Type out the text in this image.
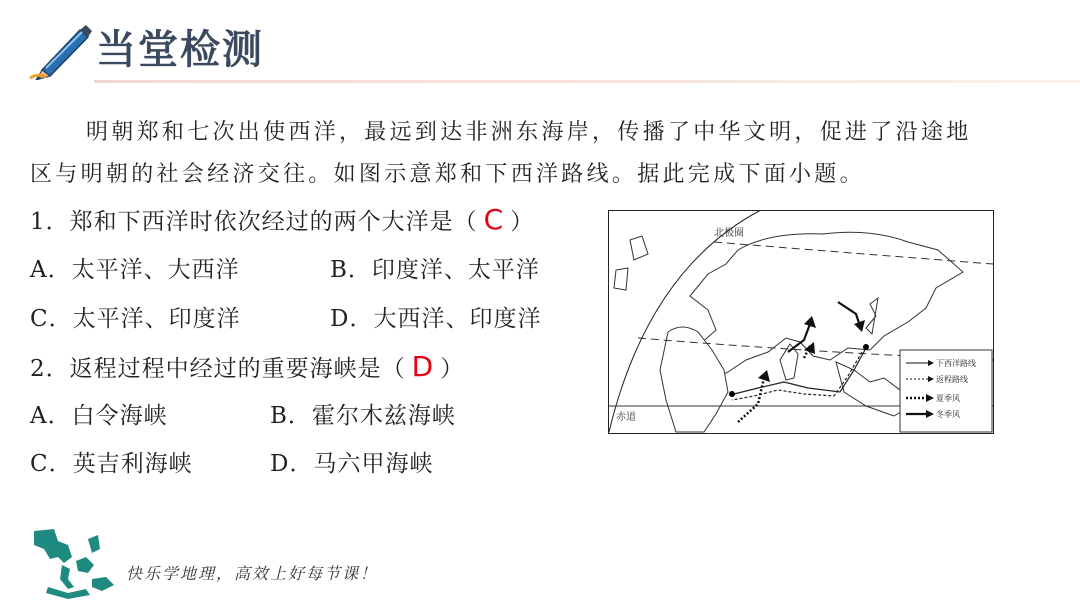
当堂检测
明朝郑和七次出使西洋，最远到达非洲东海岸，传播了中华文明，促进了沿途地
区与明朝的社会经济交往。如图示意郑和下西洋路线。据此完成下面小题。
1．郑和下西洋时依次经过的两个大洋是（ C ）
A．太平洋、大西洋	B．印度洋、太平洋
C．太平洋、印度洋	D．大西洋、印度洋
2．返程过程中经过的重要海峡是（ D ）
A．白令海峡	B．霍尔木兹海峡
C．英吉利海峡	D．马六甲海峡
北极圈
赤道
下西洋路线
返程路线
夏季风
冬季风
快乐学地理，高效上好每节课！
